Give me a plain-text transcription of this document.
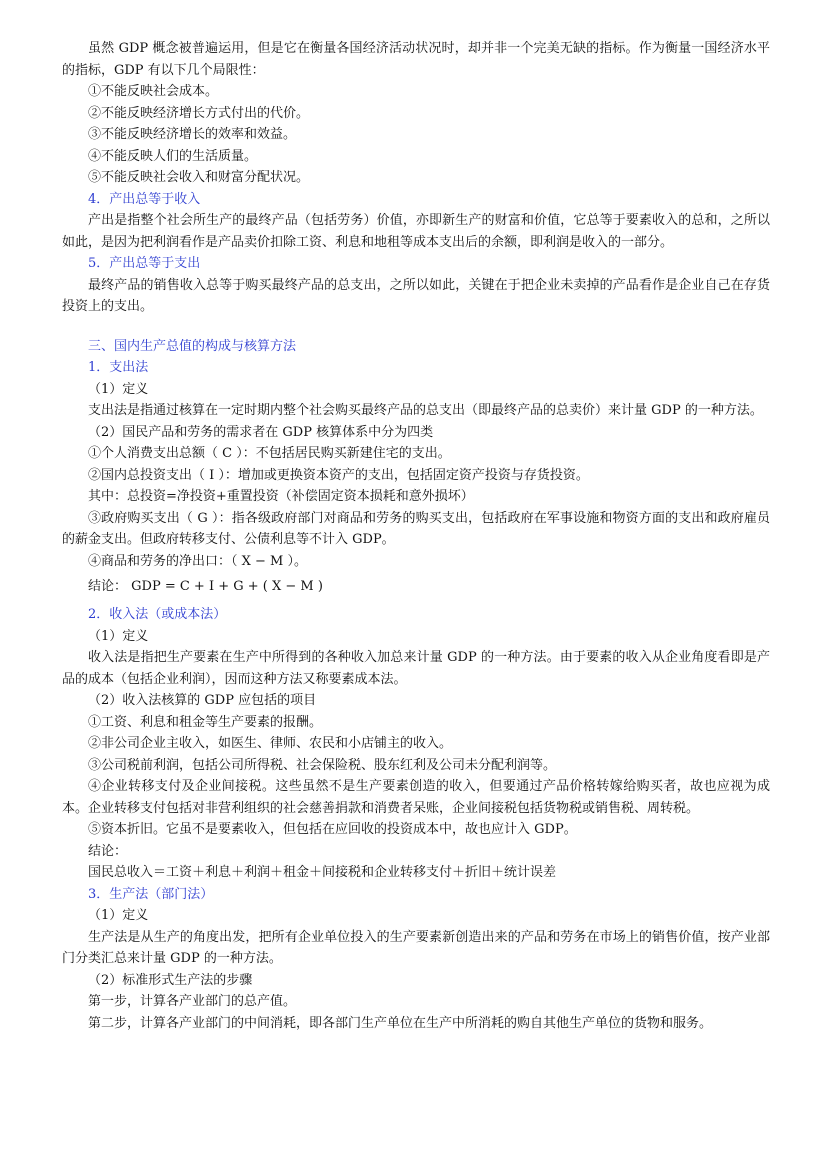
虽然 GDP 概念被普遍运用，但是它在衡量各国经济活动状况时，却并非一个完美无缺的指标。作为衡量一国经济水平的指标，GDP 有以下几个局限性：

①不能反映社会成本。

②不能反映经济增长方式付出的代价。

③不能反映经济增长的效率和效益。

④不能反映人们的生活质量。

⑤不能反映社会收入和财富分配状况。

4．产出总等于收入

产出是指整个社会所生产的最终产品（包括劳务）价值，亦即新生产的财富和价值，它总等于要素收入的总和，之所以如此，是因为把利润看作是产品卖价扣除工资、利息和地租等成本支出后的余额，即利润是收入的一部分。

5．产出总等于支出

最终产品的销售收入总等于购买最终产品的总支出，之所以如此，关键在于把企业未卖掉的产品看作是企业自己在存货投资上的支出。

三、国内生产总值的构成与核算方法

1．支出法

（1）定义

支出法是指通过核算在一定时期内整个社会购买最终产品的总支出（即最终产品的总卖价）来计量 GDP 的一种方法。

（2）国民产品和劳务的需求者在 GDP 核算体系中分为四类

①个人消费支出总额（ C ）：不包括居民购买新建住宅的支出。

②国内总投资支出（ I ）：增加或更换资本资产的支出，包括固定资产投资与存货投资。

其中：总投资=净投资+重置投资（补偿固定资本损耗和意外损坏）

③政府购买支出（ G ）：指各级政府部门对商品和劳务的购买支出，包括政府在军事设施和物资方面的支出和政府雇员的薪金支出。但政府转移支付、公债利息等不计入 GDP。

④商品和劳务的净出口：（ X − M ）。

结论： GDP = C + I + G + ( X − M )

2．收入法（或成本法）

（1）定义

收入法是指把生产要素在生产中所得到的各种收入加总来计量 GDP 的一种方法。由于要素的收入从企业角度看即是产品的成本（包括企业利润），因而这种方法又称要素成本法。

（2）收入法核算的 GDP 应包括的项目

①工资、利息和租金等生产要素的报酬。

②非公司企业主收入，如医生、律师、农民和小店铺主的收入。

③公司税前利润，包括公司所得税、社会保险税、股东红利及公司未分配利润等。

④企业转移支付及企业间接税。这些虽然不是生产要素创造的收入，但要通过产品价格转嫁给购买者，故也应视为成本。企业转移支付包括对非营利组织的社会慈善捐款和消费者呆账，企业间接税包括货物税或销售税、周转税。

⑤资本折旧。它虽不是要素收入，但包括在应回收的投资成本中，故也应计入 GDP。

结论：

国民总收入＝工资＋利息＋利润＋租金＋间接税和企业转移支付＋折旧＋统计误差

3．生产法（部门法）

（1）定义

生产法是从生产的角度出发，把所有企业单位投入的生产要素新创造出来的产品和劳务在市场上的销售价值，按产业部门分类汇总来计量 GDP 的一种方法。

（2）标准形式生产法的步骤

第一步，计算各产业部门的总产值。

第二步，计算各产业部门的中间消耗，即各部门生产单位在生产中所消耗的购自其他生产单位的货物和服务。
